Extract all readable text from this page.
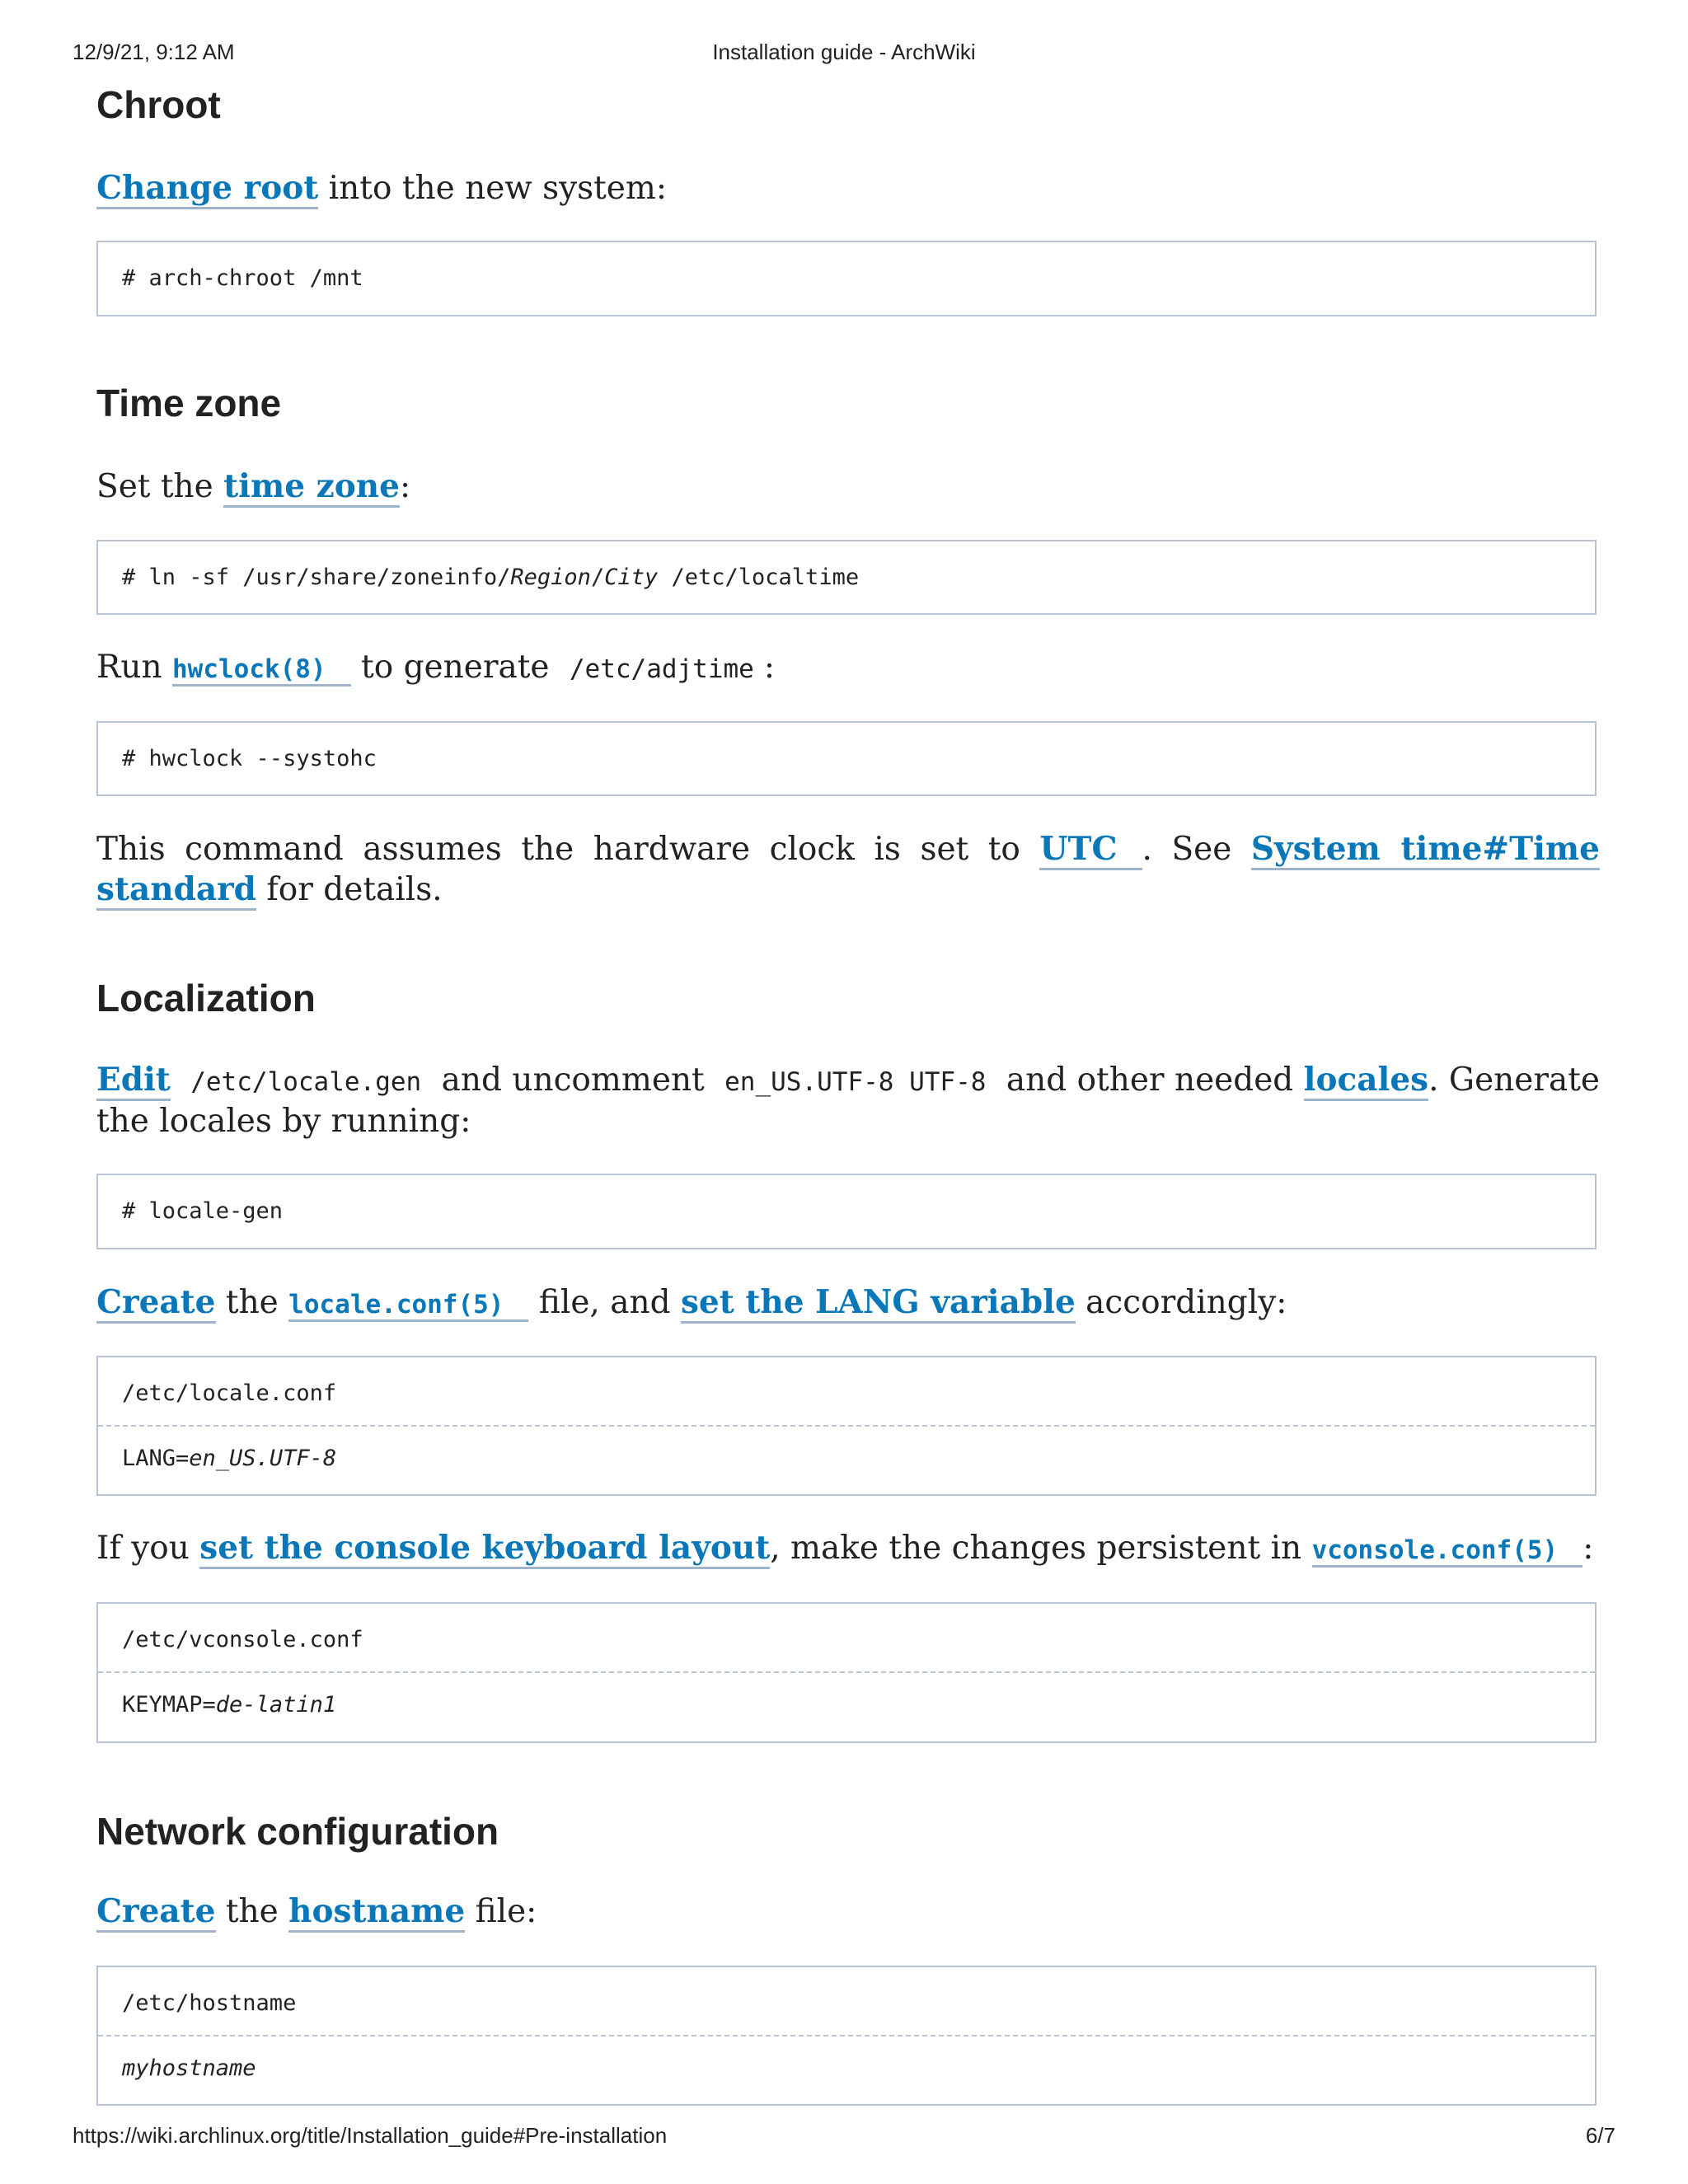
12/9/21, 9:12 AM	Installation guide - ArchWiki
Chroot

Change root into the new system:

# arch-chroot /mnt
Time zone

Set the time zone:

# ln -sf /usr/share/zoneinfo/Region/City /etc/localtime

Run hwclock(8) to generate /etc/adjtime :

# hwclock --systohc

This command assumes the hardware clock is set to UTC . See System time#Time standard for details.

Localization

Edit /etc/locale.gen and uncomment en_US.UTF-8 UTF-8 and other needed locales. Generate the locales by running:

# locale-gen

Create the locale.conf(5) file, and set the LANG variable accordingly:

/etc/locale.conf
LANG=en_US.UTF-8

If you set the console keyboard layout, make the changes persistent in vconsole.conf(5) :

/etc/vconsole.conf
KEYMAP=de-latin1
Network configuration

Create the hostname file:

/etc/hostname
myhostname
https://wiki.archlinux.org/title/Installation_guide#Pre-installation	6/7
